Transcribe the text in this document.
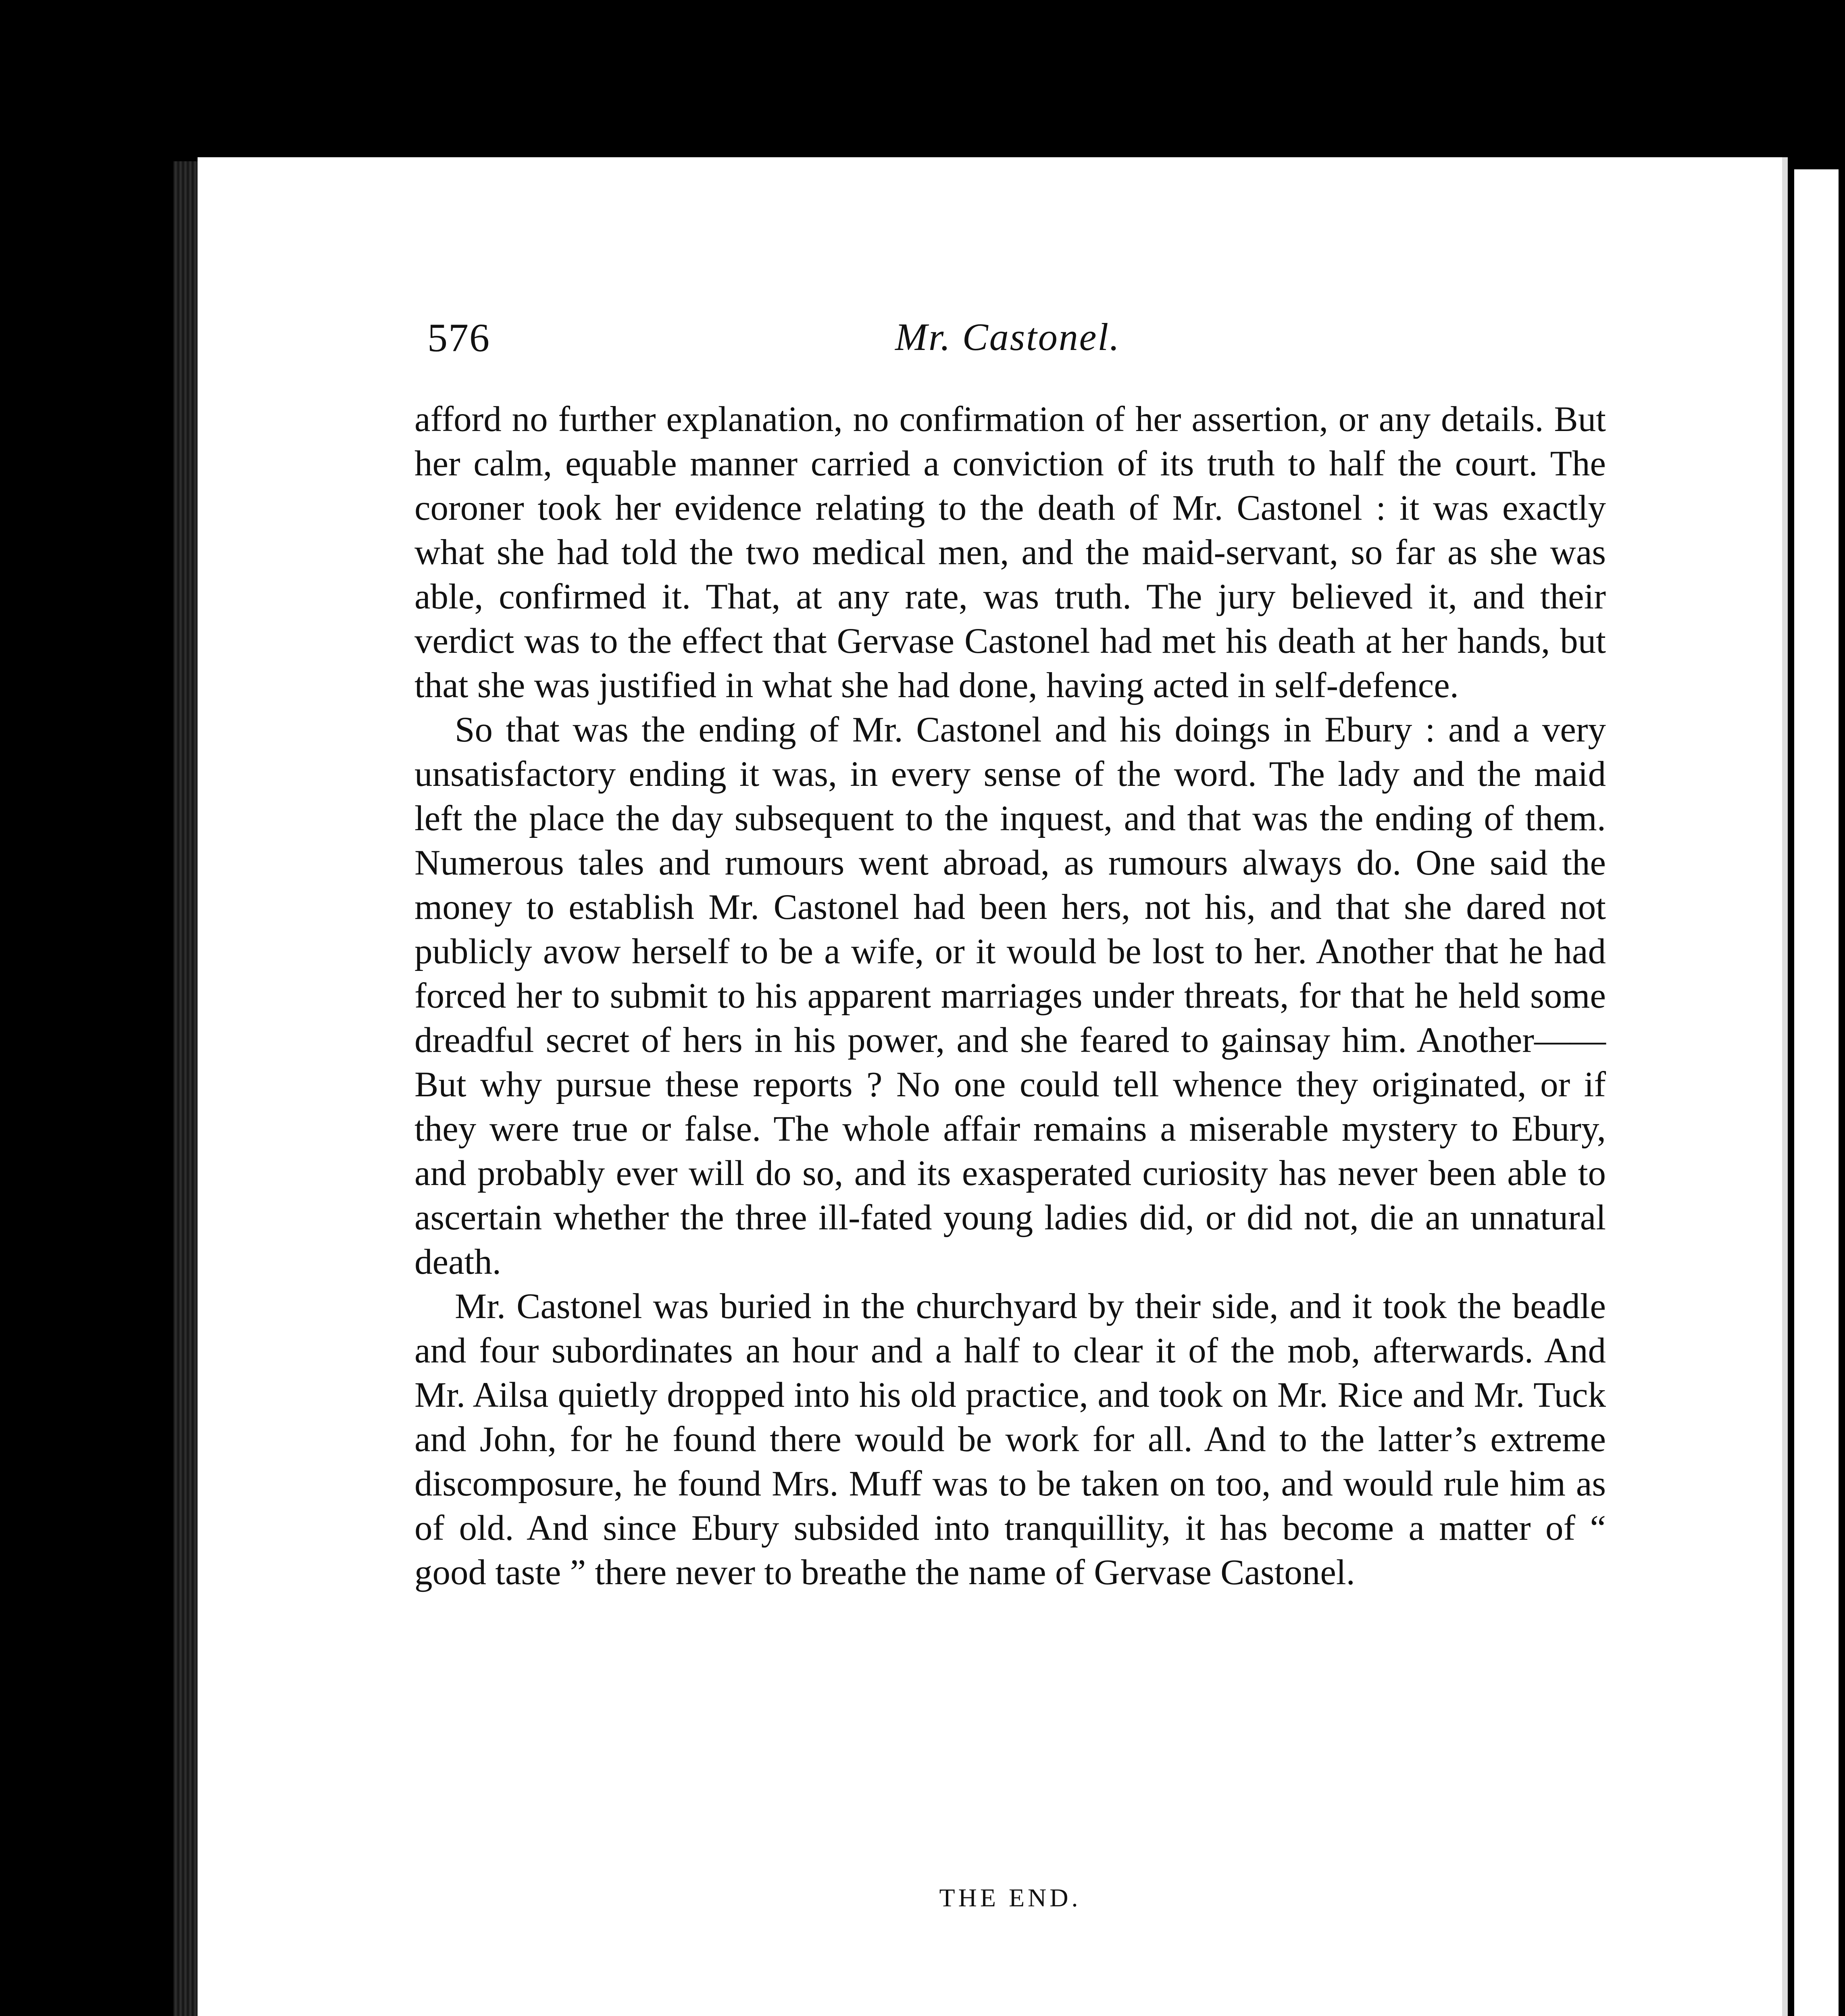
576	Mr. Castonel.

afford no further explanation, no confirmation of her assertion, or any details. But her calm, equable manner carried a conviction of its truth to half the court. The coroner took her evidence relating to the death of Mr. Castonel : it was exactly what she had told the two medical men, and the maid-servant, so far as she was able, confirmed it. That, at any rate, was truth. The jury believed it, and their verdict was to the effect that Gervase Castonel had met his death at her hands, but that she was justified in what she had done, having acted in self-defence.

So that was the ending of Mr. Castonel and his doings in Ebury : and a very unsatisfactory ending it was, in every sense of the word. The lady and the maid left the place the day subsequent to the inquest, and that was the ending of them. Numerous tales and rumours went abroad, as rumours always do. One said the money to establish Mr. Castonel had been hers, not his, and that she dared not publicly avow herself to be a wife, or it would be lost to her. Another that he had forced her to submit to his apparent marriages under threats, for that he held some dreadful secret of hers in his power, and she feared to gainsay him. Another—— But why pursue these reports ? No one could tell whence they originated, or if they were true or false. The whole affair remains a miserable mystery to Ebury, and probably ever will do so, and its exasperated curiosity has never been able to ascertain whether the three ill-fated young ladies did, or did not, die an unnatural death.

Mr. Castonel was buried in the churchyard by their side, and it took the beadle and four subordinates an hour and a half to clear it of the mob, afterwards. And Mr. Ailsa quietly dropped into his old practice, and took on Mr. Rice and Mr. Tuck and John, for he found there would be work for all. And to the latter’s extreme discomposure, he found Mrs. Muff was to be taken on too, and would rule him as of old. And since Ebury subsided into tranquillity, it has become a matter of “ good taste ” there never to breathe the name of Gervase Castonel.

THE END.
